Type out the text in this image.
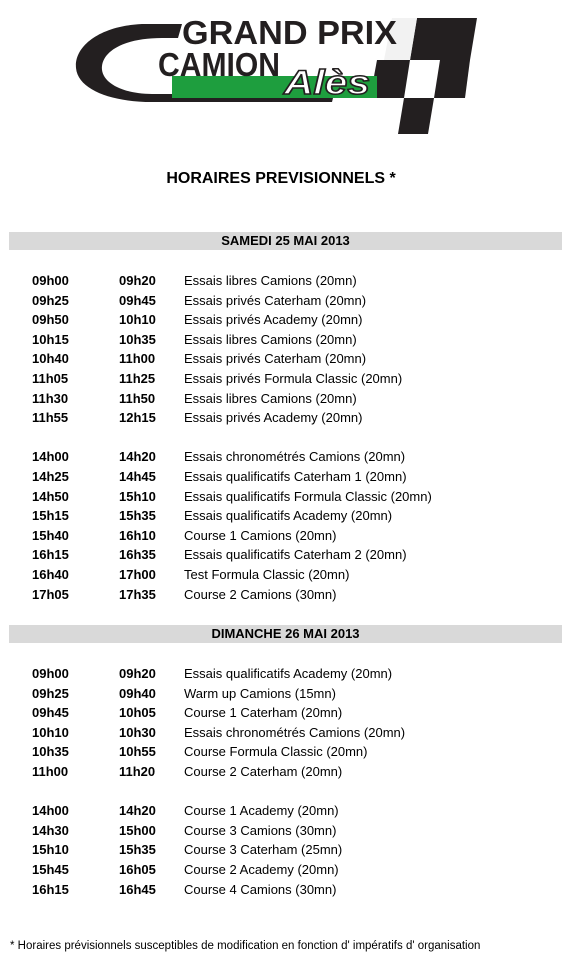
GRAND PRIX
CAMION Alès
HORAIRES PREVISIONNELS *
SAMEDI 25 MAI 2013
09h00	09h20 Essais libres Camions (20mn)
09h25	09h45 Essais privés Caterham (20mn)
09h50	10h10 Essais privés Academy (20mn)
10h15	10h35 Essais libres Camions (20mn)
10h40	11h00 Essais privés Caterham (20mn)
11h05	11h25 Essais privés Formula Classic (20mn)
11h30	11h50 Essais libres Camions (20mn)
11h55	12h15 Essais privés Academy (20mn)
14h00	14h20 Essais chronométrés Camions (20mn)
14h25	14h45 Essais qualificatifs Caterham 1 (20mn)
14h50	15h10 Essais qualificatifs Formula Classic (20mn)
15h15	15h35 Essais qualificatifs Academy (20mn)
15h40	16h10 Course 1 Camions (20mn)
16h15	16h35 Essais qualificatifs Caterham 2 (20mn)
16h40	17h00 Test Formula Classic (20mn)
17h05	17h35 Course 2 Camions (30mn)
DIMANCHE 26 MAI 2013
09h00	09h20 Essais qualificatifs Academy (20mn)
09h25	09h40 Warm up Camions (15mn)
09h45	10h05 Course 1 Caterham (20mn)
10h10	10h30 Essais chronométrés Camions (20mn)
10h35	10h55 Course Formula Classic (20mn)
11h00	11h20 Course 2 Caterham (20mn)
14h00	14h20 Course 1 Academy (20mn)
14h30	15h00 Course 3 Camions (30mn)
15h10	15h35 Course 3 Caterham (25mn)
15h45	16h05 Course 2 Academy (20mn)
16h15	16h45 Course 4 Camions (30mn)
* Horaires prévisionnels susceptibles de modification en fonction d' impératifs d' organisation
